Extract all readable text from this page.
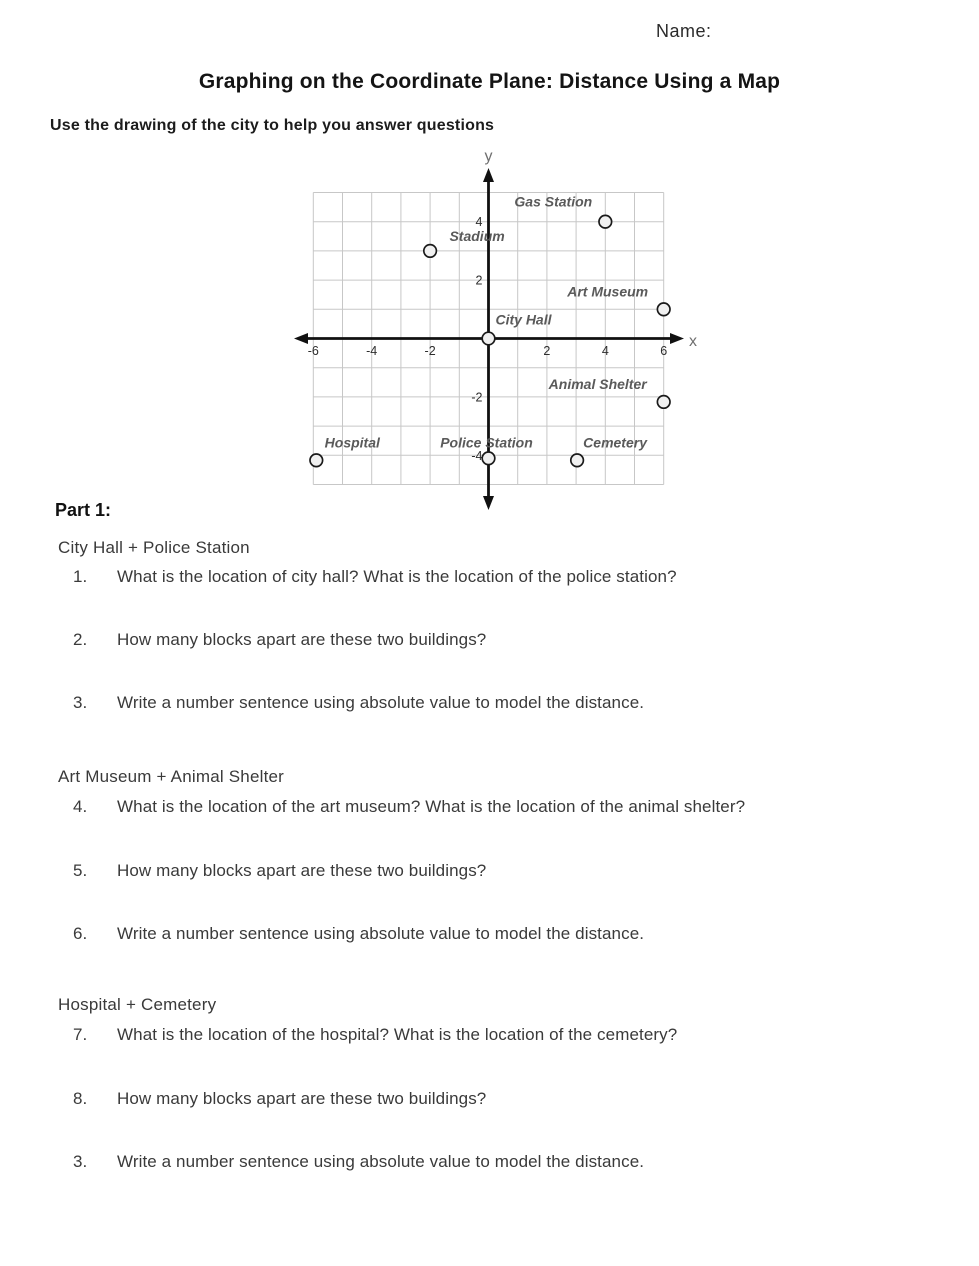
Name:
Graphing on the Coordinate Plane: Distance Using a Map
Use the drawing of the city to help you answer questions
y
x
-6	-4	-2	2	4	6
4
2
-2
-4
Gas Station
Stadium
Art Museum
City Hall
Animal Shelter
Hospital	Police Station	Cemetery
Part 1:
City Hall + Police Station
1. What is the location of city hall? What is the location of the police station?
2. How many blocks apart are these two buildings?
3. Write a number sentence using absolute value to model the distance.
Art Museum + Animal Shelter
4. What is the location of the art museum? What is the location of the animal shelter?
5. How many blocks apart are these two buildings?
6. Write a number sentence using absolute value to model the distance.
Hospital + Cemetery
7. What is the location of the hospital? What is the location of the cemetery?
8. How many blocks apart are these two buildings?
3. Write a number sentence using absolute value to model the distance.
